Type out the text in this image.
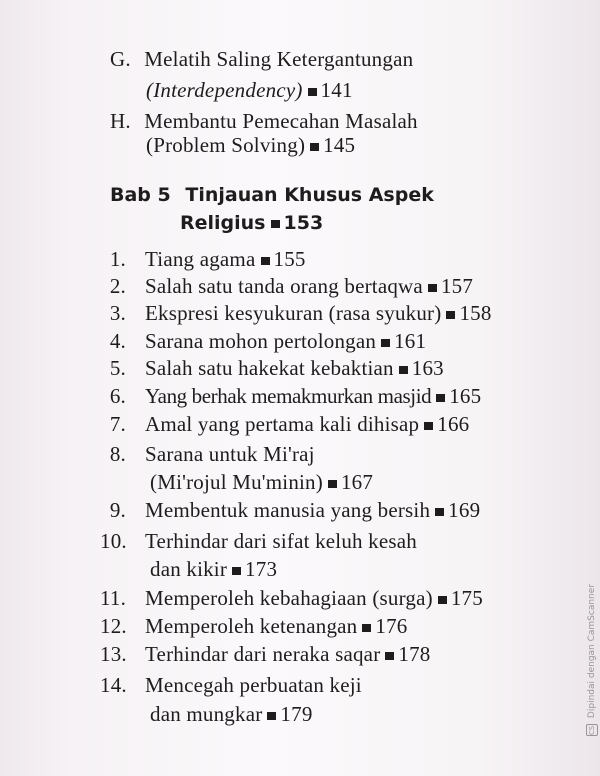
G. Melatih Saling Ketergantungan
(Interdependency) 141
H. Membantu Pemecahan Masalah
(Problem Solving) 145
Bab 5 Tinjauan Khusus Aspek
Religius 153
1. Tiang agama 155
2. Salah satu tanda orang bertaqwa 157
3. Ekspresi kesyukuran (rasa syukur) 158
4. Sarana mohon pertolongan 161
5. Salah satu hakekat kebaktian 163
6. Yang berhak memakmurkan masjid 165
7. Amal yang pertama kali dihisap 166
8. Sarana untuk Mi'raj
(Mi'rojul Mu'minin) 167
9. Membentuk manusia yang bersih 169
10. Terhindar dari sifat keluh kesah
dan kikir 173
11. Memperoleh kebahagiaan (surga) 175
12. Memperoleh ketenangan 176
13. Terhindar dari neraka saqar 178
14. Mencegah perbuatan keji
dan mungkar 179
CS Dipindai dengan CamScanner
